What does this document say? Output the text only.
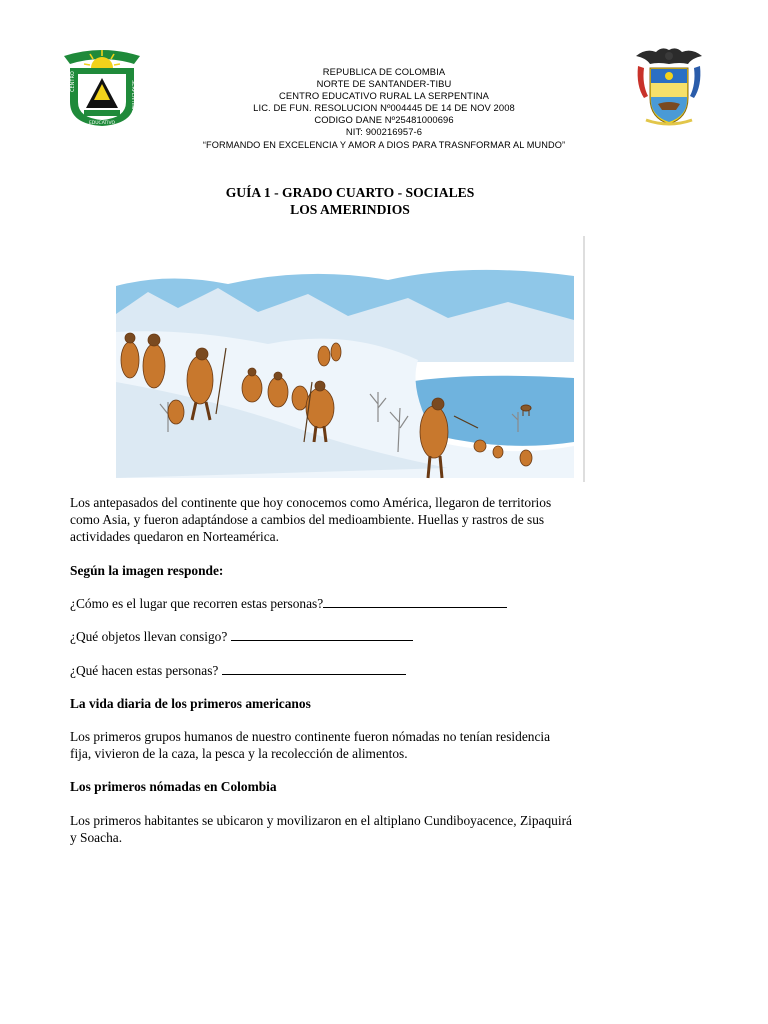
CENTRO	SERPENTINA
EDUCATIVO
REPUBLICA DE COLOMBIA
NORTE DE SANTANDER-TIBU
CENTRO EDUCATIVO RURAL LA SERPENTINA
LIC. DE FUN. RESOLUCION Nº004445 DE 14 DE NOV 2008
CODIGO DANE Nº25481000696
NIT: 900216957-6
“FORMANDO EN EXCELENCIA Y AMOR A DIOS PARA TRASNFORMAR AL MUNDO”
GUÍA 1 - GRADO CUARTO - SOCIALES
LOS AMERINDIOS
Los antepasados del continente que hoy conocemos como América, llegaron de territorios
como Asia, y fueron adaptándose a cambios del medioambiente. Huellas y rastros de sus
actividades quedaron en Norteamérica.
Según la imagen responde:
¿Cómo es el lugar que recorren estas personas?
¿Qué objetos llevan consigo?
¿Qué hacen estas personas?
La vida diaria de los primeros americanos
Los primeros grupos humanos de nuestro continente fueron nómadas no tenían residencia
fija, vivieron de la caza, la pesca y la recolección de alimentos.
Los primeros nómadas en Colombia
Los primeros habitantes se ubicaron y movilizaron en el altiplano Cundiboyacence, Zipaquirá
y Soacha.
